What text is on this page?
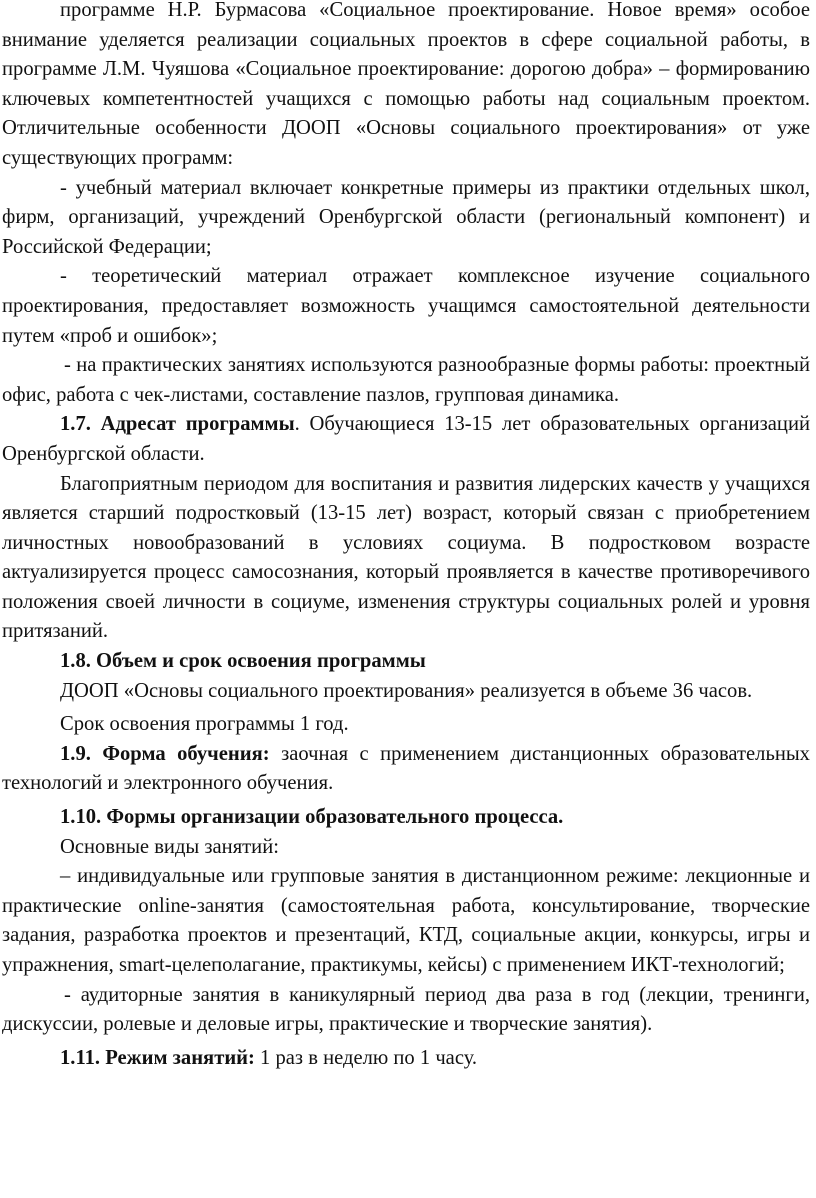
программе Н.Р. Бурмасова «Социальное проектирование. Новое время» особое внимание уделяется реализации социальных проектов в сфере социальной работы, в программе Л.М. Чуяшова «Социальное проектирование: дорогою добра» – формированию ключевых компетентностей учащихся с помощью работы над социальным проектом. Отличительные особенности ДООП «Основы социального проектирования» от уже существующих программ:

- учебный материал включает конкретные примеры из практики отдельных школ, фирм, организаций, учреждений Оренбургской области (региональный компонент) и Российской Федерации;

- теоретический материал отражает комплексное изучение социального проектирования, предоставляет возможность учащимся самостоятельной деятельности путем «проб и ошибок»;

- на практических занятиях используются разнообразные формы работы: проектный офис, работа с чек-листами, составление пазлов, групповая динамика.

1.7. Адресат программы. Обучающиеся 13-15 лет образовательных организаций Оренбургской области.

Благоприятным периодом для воспитания и развития лидерских качеств у учащихся является старший подростковый (13-15 лет) возраст, который связан с приобретением личностных новообразований в условиях социума. В подростковом возрасте актуализируется процесс самосознания, который проявляется в качестве противоречивого положения своей личности в социуме, изменения структуры социальных ролей и уровня притязаний.

1.8. Объем и срок освоения программы

ДООП «Основы социального проектирования» реализуется в объеме 36 часов.

Срок освоения программы 1 год.

1.9. Форма обучения: заочная с применением дистанционных образовательных технологий и электронного обучения.

1.10. Формы организации образовательного процесса.

Основные виды занятий:

– индивидуальные или групповые занятия в дистанционном режиме: лекционные и практические online-занятия (самостоятельная работа, консультирование, творческие задания, разработка проектов и презентаций, КТД, социальные акции, конкурсы, игры и упражнения, smart-целеполагание, практикумы, кейсы) с применением ИКТ-технологий;

- аудиторные занятия в каникулярный период два раза в год (лекции, тренинги, дискуссии, ролевые и деловые игры, практические и творческие занятия).

1.11. Режим занятий: 1 раз в неделю по 1 часу.
